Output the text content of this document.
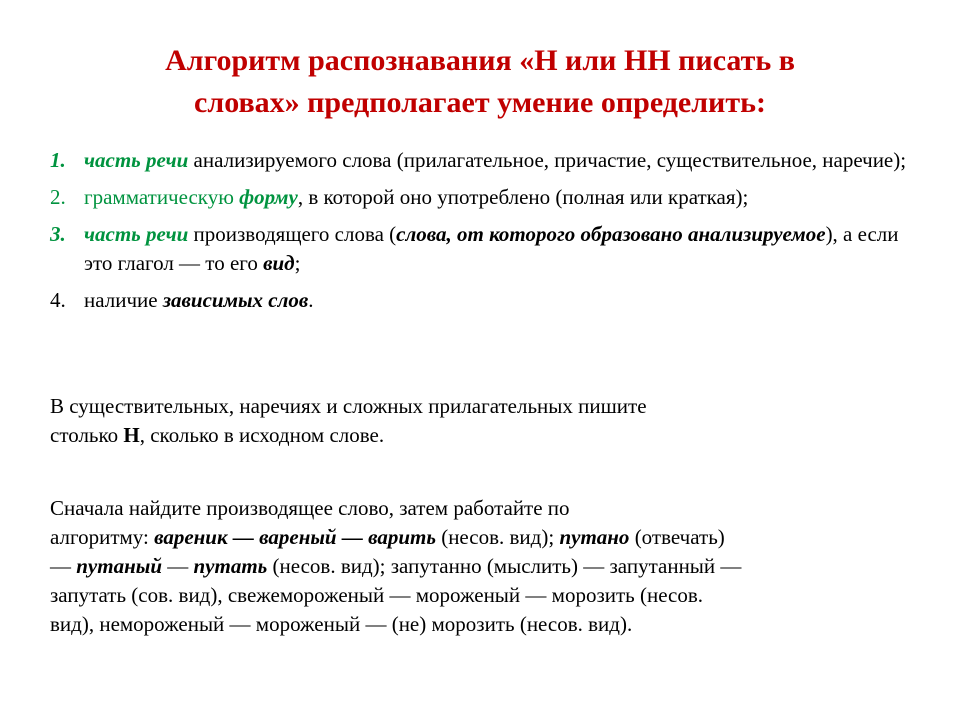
Алгоритм распознавания «Н или НН писать в
словах» предполагает умение определить:
1. часть речи анализируемого слова (прилагательное, причастие, существительное, наречие);
2. грамматическую форму, в которой оно употреблено (полная или краткая);
3. часть речи производящего слова (слова, от которого образовано анализируемое), а если это глагол — то его вид;
4. наличие зависимых слов.

В существительных, наречиях и сложных прилагательных пишите
столько Н, сколько в исходном слове.

Сначала найдите производящее слово, затем работайте по
алгоритму: вареник — вареный — варить (несов. вид); путано (отвечать)
— путаный — путать (несов. вид); запутанно (мыслить) — запутанный —
запутать (сов. вид), свежемороженый — мороженый — морозить (несов.
вид), немороженый — мороженый — (не) морозить (несов. вид).
